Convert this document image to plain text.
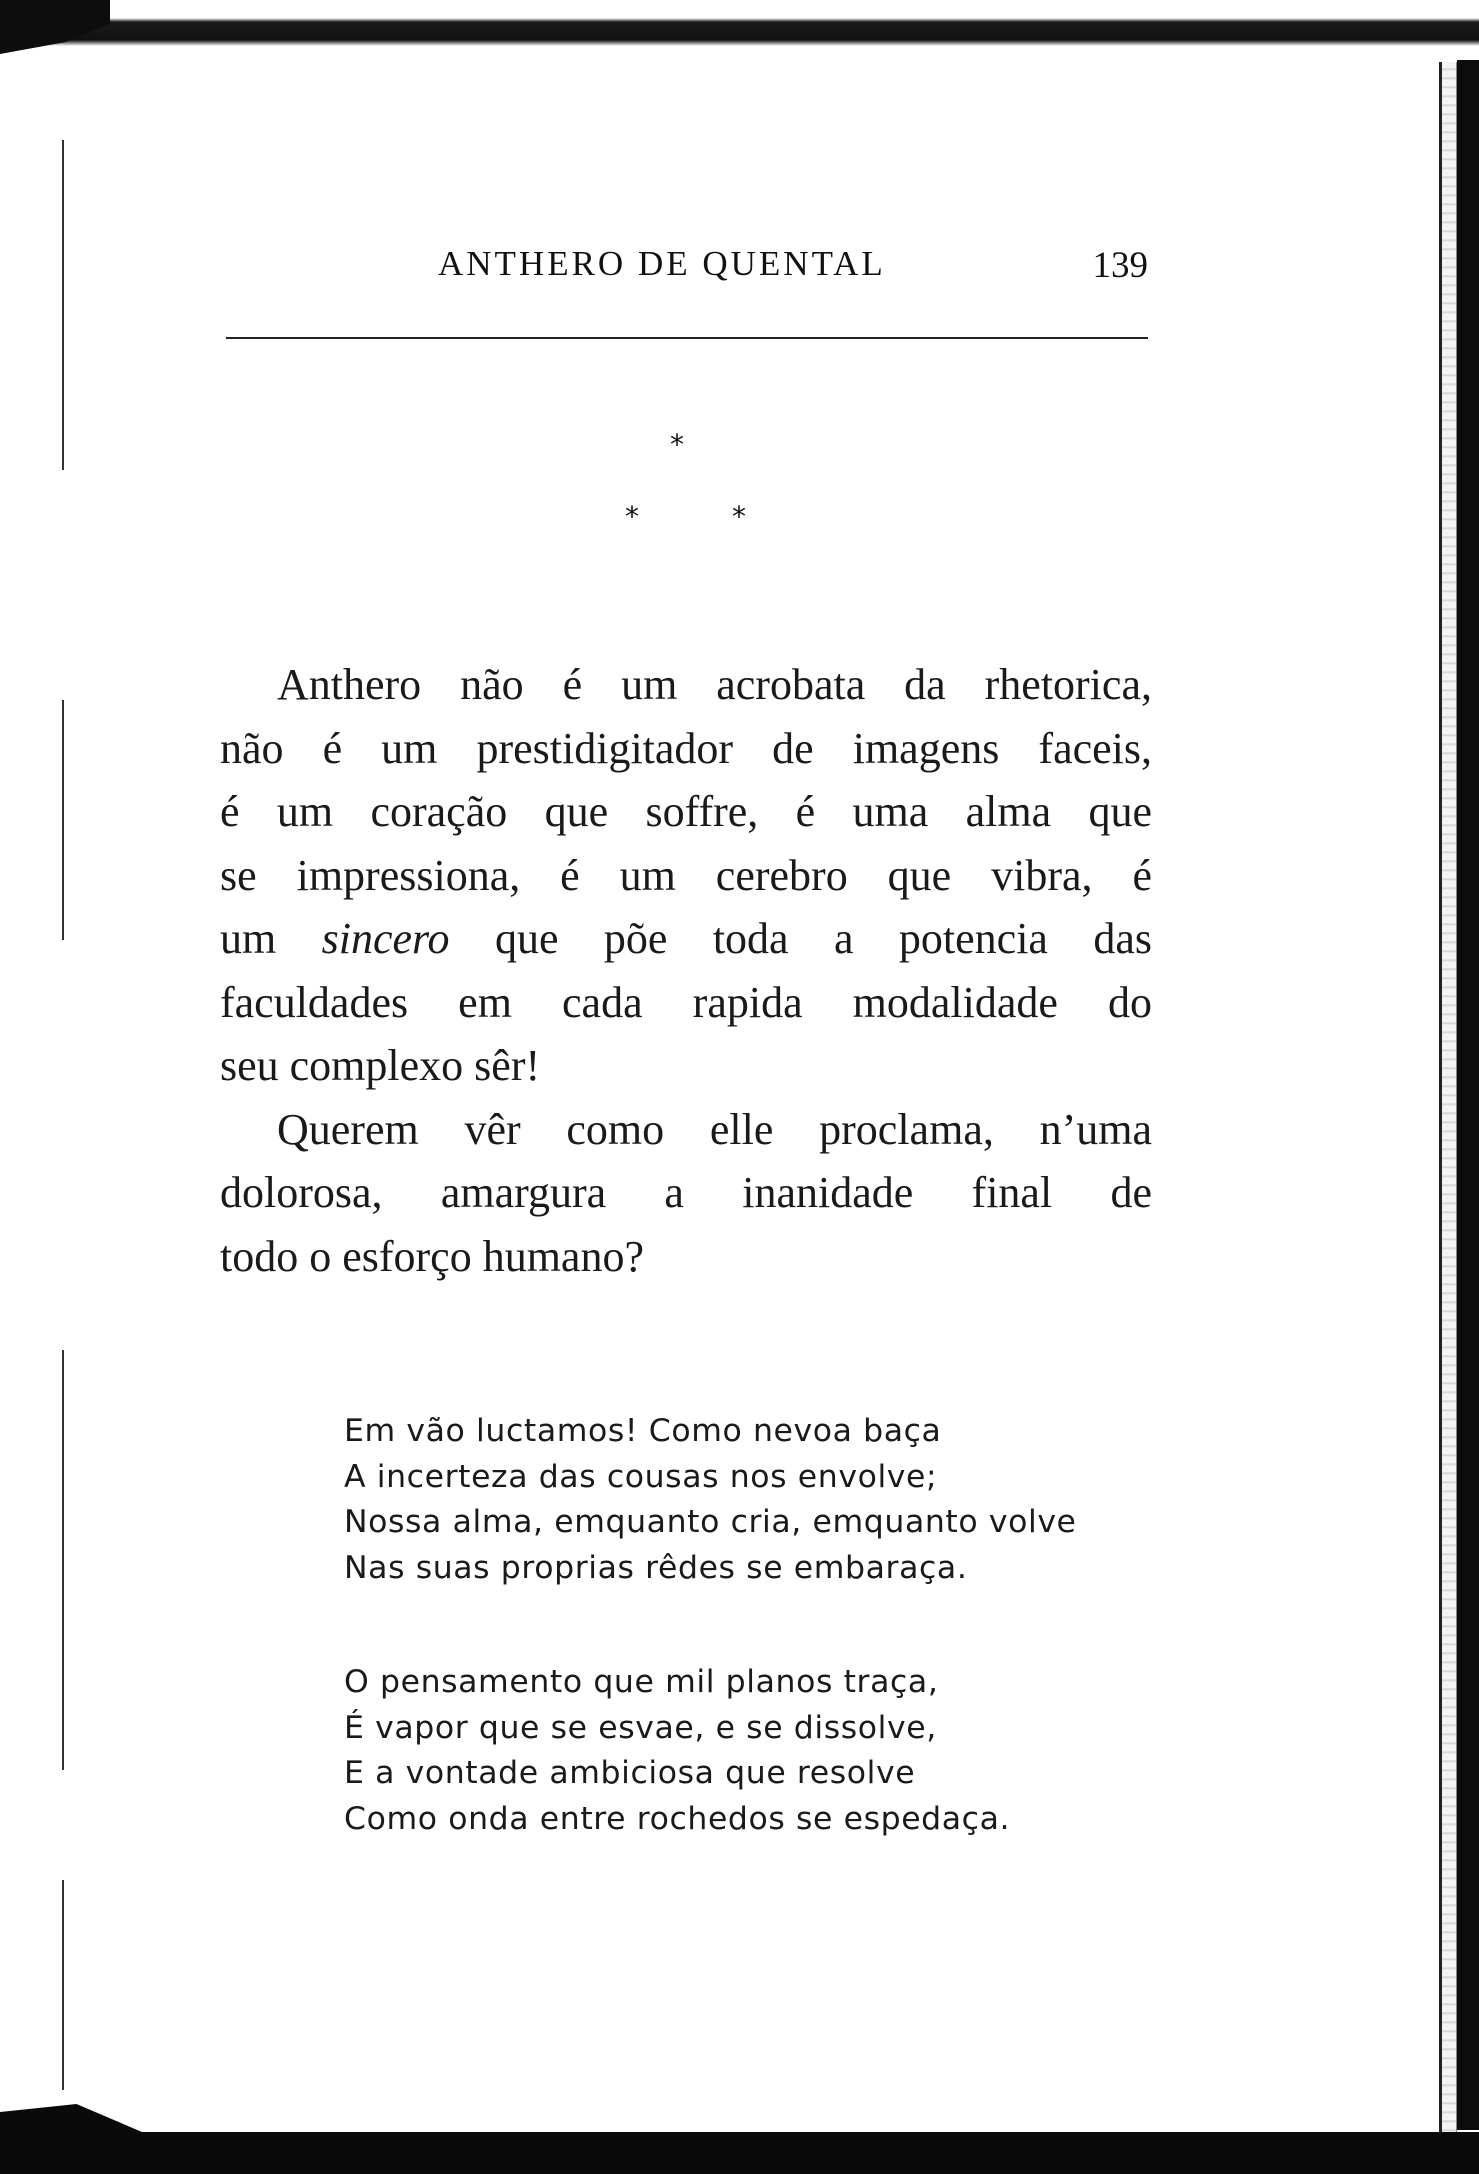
ANTHERO DE QUENTAL	139
*
*	*
Anthero não é um acrobata da rhetorica,
não é um prestidigitador de imagens faceis,
é um coração que soffre, é uma alma que
se impressiona, é um cerebro que vibra, é
um sincero que põe toda a potencia das
faculdades em cada rapida modalidade do
seu complexo sêr!
Querem vêr como elle proclama, n’uma
dolorosa, amargura a inanidade final de
todo o esforço humano?
Em vão luctamos! Como nevoa baça
A incerteza das cousas nos envolve;
Nossa alma, emquanto cria, emquanto volve
Nas suas proprias rêdes se embaraça.
O pensamento que mil planos traça,
É vapor que se esvae, e se dissolve,
E a vontade ambiciosa que resolve
Como onda entre rochedos se espedaça.
